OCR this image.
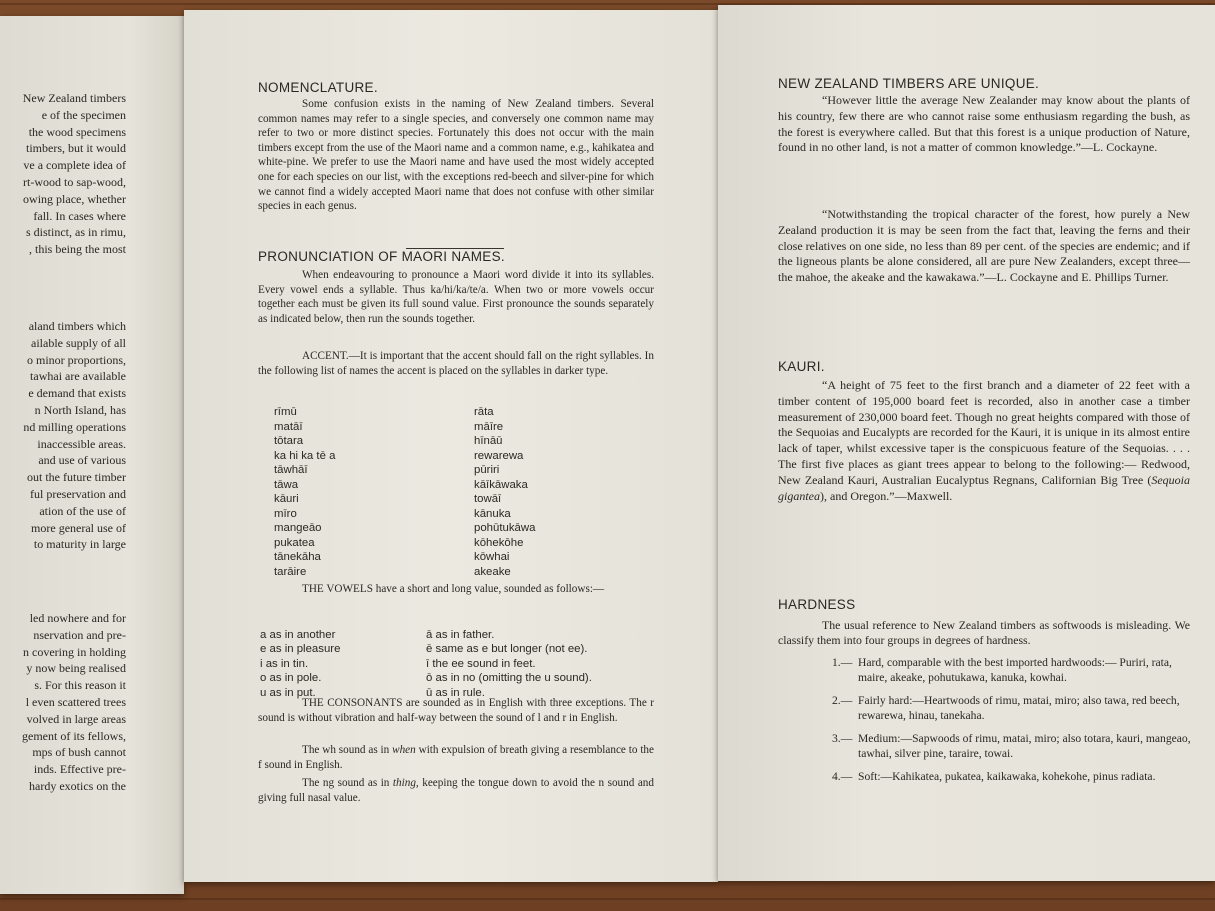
New Zealand timbers
e of the specimen
the wood specimens
timbers, but it would
ve a complete idea of
rt-wood to sap-wood,
owing place, whether
fall. In cases where
s distinct, as in rimu,
, this being the most
aland timbers which
ailable supply of all
o minor proportions,
tawhai are available
e demand that exists
n North Island, has
nd milling operations
inaccessible areas.
and use of various
out the future timber
ful preservation and
ation of the use of
more general use of
to maturity in large
led nowhere and for
nservation and pre-
n covering in holding
y now being realised
s. For this reason it
l even scattered trees
volved in large areas
gement of its fellows,
mps of bush cannot
inds. Effective pre-
hardy exotics on the
NOMENCLATURE.

Some confusion exists in the naming of New Zealand timbers. Several common names may refer to a single species, and conversely one common name may refer to two or more distinct species. Fortunately this does not occur with the main timbers except from the use of the Maori name and a common name, e.g., kahikatea and white-pine. We prefer to use the Maori name and have used the most widely accepted one for each species on our list, with the exceptions red-beech and silver-pine for which we cannot find a widely accepted Maori name that does not confuse with other similar species in each genus.

PRONUNCIATION OF MAORI NAMES.

When endeavouring to pronounce a Maori word divide it into its syllables. Every vowel ends a syllable. Thus ka/hi/ka/te/a. When two or more vowels occur together each must be given its full sound value. First pronounce the sounds separately as indicated below, then run the sounds together.

ACCENT.—It is important that the accent should fall on the right syllables. In the following list of names the accent is placed on the syllables in darker type.

rīmū
matāī
tōtara
ka hi ka tē a
tāwhāī
tāwa
kāuri
mīro
mangeāo
pukatea
tānekāha
tarāire
rāta
māīre
hīnāū
rewarewa
pūriri
kāīkāwaka
towāī
kānuka
pohūtukāwa
kōhekōhe
kōwhai
akeake

THE VOWELS have a short and long value, sounded as follows:—

a as in another
e as in pleasure
i as in tin.
o as in pole.
u as in put.
ā as in father.
ē same as e but longer (not ee).
ī the ee sound in feet.
ō as in no (omitting the u sound).
ū as in rule.

THE CONSONANTS are sounded as in English with three exceptions. The r sound is without vibration and half-way between the sound of l and r in English.

The wh sound as in when with expulsion of breath giving a resemblance to the f sound in English.

The ng sound as in thing, keeping the tongue down to avoid the n sound and giving full nasal value.

NEW ZEALAND TIMBERS ARE UNIQUE.

“However little the average New Zealander may know about the plants of his country, few there are who cannot raise some enthusiasm regarding the bush, as the forest is everywhere called. But that this forest is a unique production of Nature, found in no other land, is not a matter of common knowledge.”—L. Cockayne.

“Notwithstanding the tropical character of the forest, how purely a New Zealand production it is may be seen from the fact that, leaving the ferns and their close relatives on one side, no less than 89 per cent. of the species are endemic; and if the ligneous plants be alone considered, all are pure New Zealanders, except three—the mahoe, the akeake and the kawakawa.”—L. Cockayne and E. Phillips Turner.

KAURI.

“A height of 75 feet to the first branch and a diameter of 22 feet with a timber content of 195,000 board feet is recorded, also in another case a timber measurement of 230,000 board feet. Though no great heights compared with those of the Sequoias and Eucalypts are recorded for the Kauri, it is unique in its almost entire lack of taper, whilst excessive taper is the conspicuous feature of the Sequoias. . . . The first five places as giant trees appear to belong to the following:— Redwood, New Zealand Kauri, Australian Eucalyptus Regnans, Californian Big Tree (Sequoia gigantea), and Oregon.”—Maxwell.

HARDNESS

The usual reference to New Zealand timbers as softwoods is misleading. We classify them into four groups in degrees of hardness.

1.— Hard, comparable with the best imported hardwoods:— Puriri, rata, maire, akeake, pohutukawa, kanuka, kowhai.
2.— Fairly hard:—Heartwoods of rimu, matai, miro; also tawa, red beech, rewarewa, hinau, tanekaha.
3.— Medium:—Sapwoods of rimu, matai, miro; also totara, kauri, mangeao, tawhai, silver pine, taraire, towai.
4.— Soft:—Kahikatea, pukatea, kaikawaka, kohekohe, pinus radiata.
